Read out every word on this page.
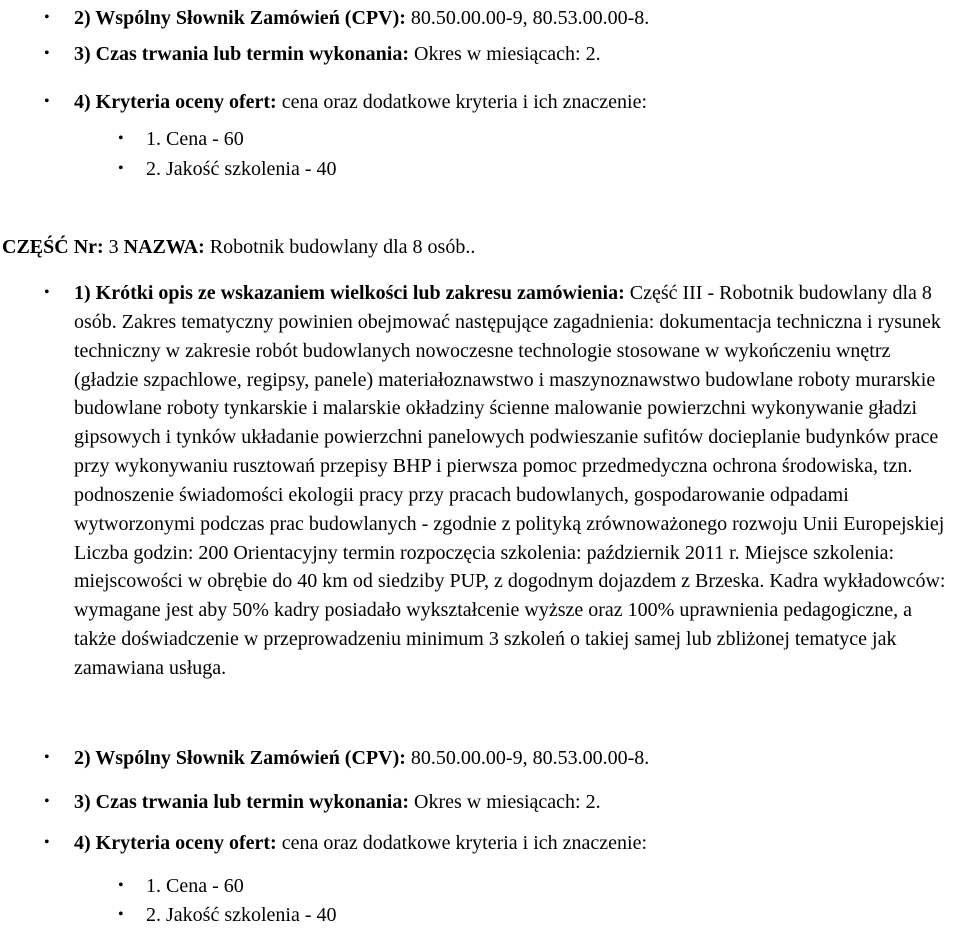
• 2) Wspólny Słownik Zamówień (CPV): 80.50.00.00-9, 80.53.00.00-8.
• 3) Czas trwania lub termin wykonania: Okres w miesiącach: 2.
• 4) Kryteria oceny ofert: cena oraz dodatkowe kryteria i ich znaczenie:
• 1. Cena - 60
• 2. Jakość szkolenia - 40
CZĘŚĆ Nr: 3 NAZWA: Robotnik budowlany dla 8 osób..
• 1) Krótki opis ze wskazaniem wielkości lub zakresu zamówienia: Część III - Robotnik budowlany dla 8 osób. Zakres tematyczny powinien obejmować następujące zagadnienia: dokumentacja techniczna i rysunek techniczny w zakresie robót budowlanych nowoczesne technologie stosowane w wykończeniu wnętrz (gładzie szpachlowe, regipsy, panele) materiałoznawstwo i maszynoznawstwo budowlane roboty murarskie budowlane roboty tynkarskie i malarskie okładziny ścienne malowanie powierzchni wykonywanie gładzi gipsowych i tynków układanie powierzchni panelowych podwieszanie sufitów docieplanie budynków prace przy wykonywaniu rusztowań przepisy BHP i pierwsza pomoc przedmedyczna ochrona środowiska, tzn. podnoszenie świadomości ekologii pracy przy pracach budowlanych, gospodarowanie odpadami wytworzonymi podczas prac budowlanych - zgodnie z polityką zrównoważonego rozwoju Unii Europejskiej Liczba godzin: 200 Orientacyjny termin rozpoczęcia szkolenia: październik 2011 r. Miejsce szkolenia: miejscowości w obrębie do 40 km od siedziby PUP, z dogodnym dojazdem z Brzeska. Kadra wykładowców: wymagane jest aby 50% kadry posiadało wykształcenie wyższe oraz 100% uprawnienia pedagogiczne, a także doświadczenie w przeprowadzeniu minimum 3 szkoleń o takiej samej lub zbliżonej tematyce jak zamawiana usługa.
• 2) Wspólny Słownik Zamówień (CPV): 80.50.00.00-9, 80.53.00.00-8.
• 3) Czas trwania lub termin wykonania: Okres w miesiącach: 2.
• 4) Kryteria oceny ofert: cena oraz dodatkowe kryteria i ich znaczenie:
• 1. Cena - 60
• 2. Jakość szkolenia - 40
